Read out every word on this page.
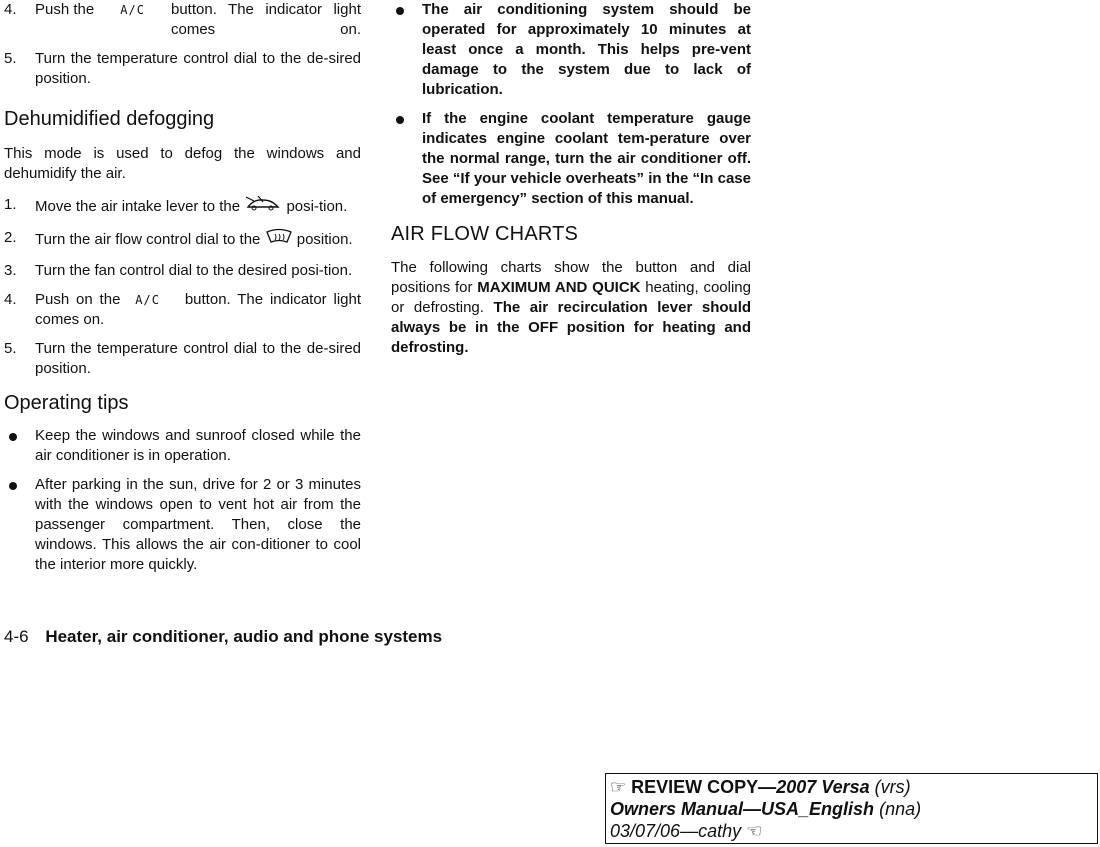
4. Push the A/C button. The indicator light comes on.
5. Turn the temperature control dial to the de-sired position.
Dehumidified defogging

This mode is used to defog the windows and dehumidify the air.

1. Move the air intake lever to the	posi-tion.
2. Turn the air flow control dial to the position.
3. Turn the fan control dial to the desired posi-tion.
4. Push on the A/C button. The indicator light comes on.
5. Turn the temperature control dial to the de-sired position.
Operating tips
Keep the windows and sunroof closed while the air conditioner is in operation.
After parking in the sun, drive for 2 or 3 minutes with the windows open to vent hot air from the passenger compartment. Then, close the windows. This allows the air con-ditioner to cool the interior more quickly.
The air conditioning system should be operated for approximately 10 minutes at least once a month. This helps pre-vent damage to the system due to lack of lubrication.
If the engine coolant temperature gauge indicates engine coolant tem-perature over the normal range, turn the air conditioner off. See “If your vehicle overheats” in the “In case of emergency” section of this manual.
AIR FLOW CHARTS

The following charts show the button and dial positions for MAXIMUM AND QUICK heating, cooling or defrosting. The air recirculation lever should always be in the OFF position for heating and defrosting.

4-6 Heater, air conditioner, audio and phone systems
☞ REVIEW COPY—2007 Versa (vrs)
Owners Manual—USA_English (nna)
03/07/06—cathy ☜
